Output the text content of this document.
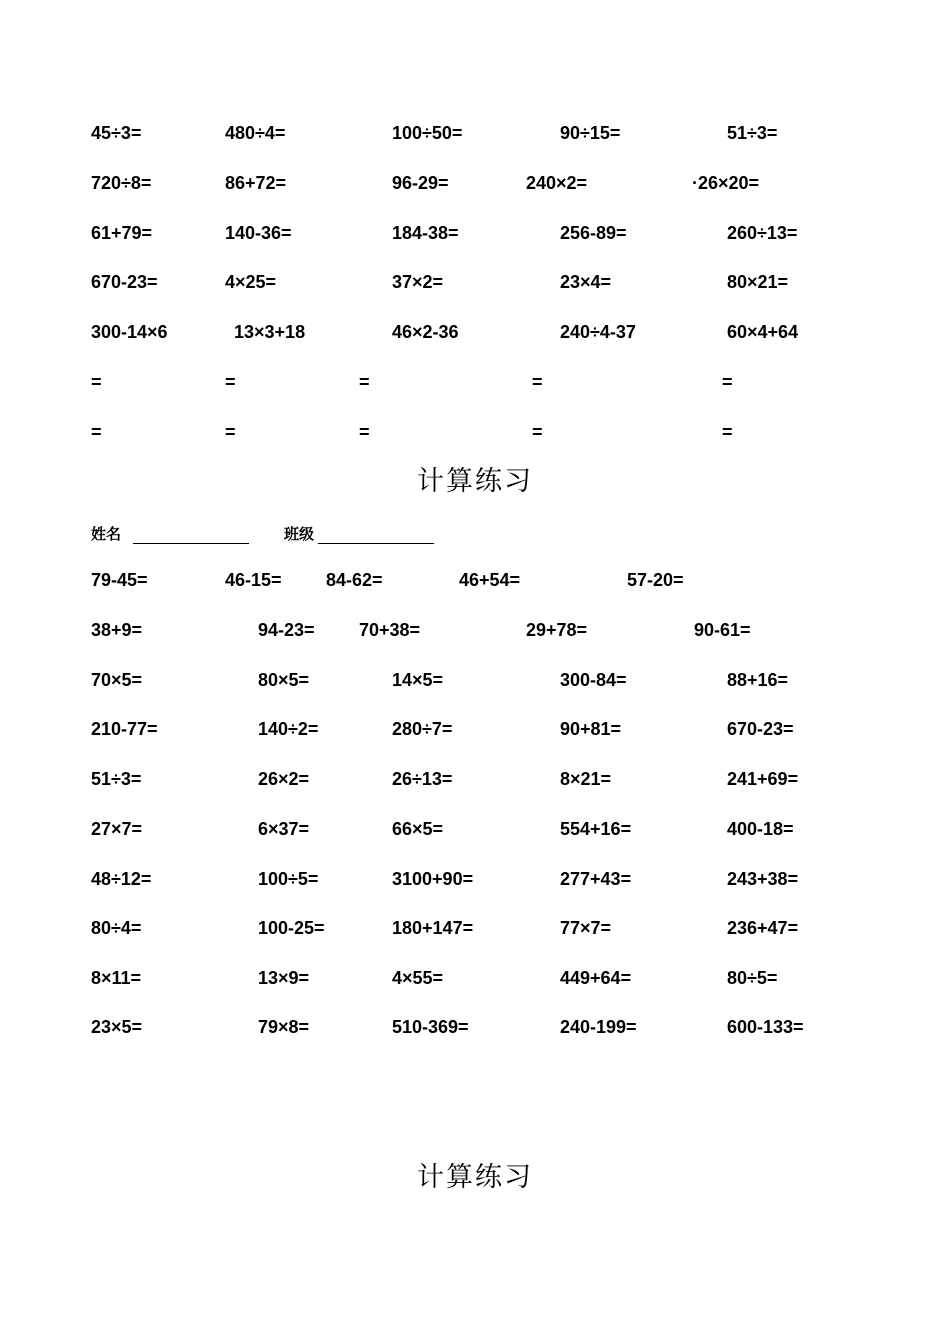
45÷3=	480÷4=	100÷50=	90÷15=	51÷3=
720÷8=	86+72=	96-29=	240×2=	·26×20=
61+79=	140-36=	184-38=	256-89=	260÷13=
670-23=	4×25=	37×2=	23×4=	80×21=
300-14×6	13×3+18	46×2-36	240÷4-37	60×4+64
=	=	=	=	=
=	=	=	=	=
计算练习
姓名	班级
79-45=	46-15= 84-62=	46+54=	57-20=
38+9=	94-23= 70+38=	29+78=	90-61=
70×5=	80×5=	14×5=	300-84=	88+16=
210-77=	140÷2=	280÷7=	90+81=	670-23=
51÷3=	26×2=	26÷13=	8×21=	241+69=
27×7=	6×37=	66×5=	554+16=	400-18=
48÷12=	100÷5=	3100+90=	277+43=	243+38=
80÷4=	100-25=	180+147=	77×7=	236+47=
8×11=	13×9=	4×55=	449+64=	80÷5=
23×5=	79×8=	510-369=	240-199=	600-133=
计算练习
